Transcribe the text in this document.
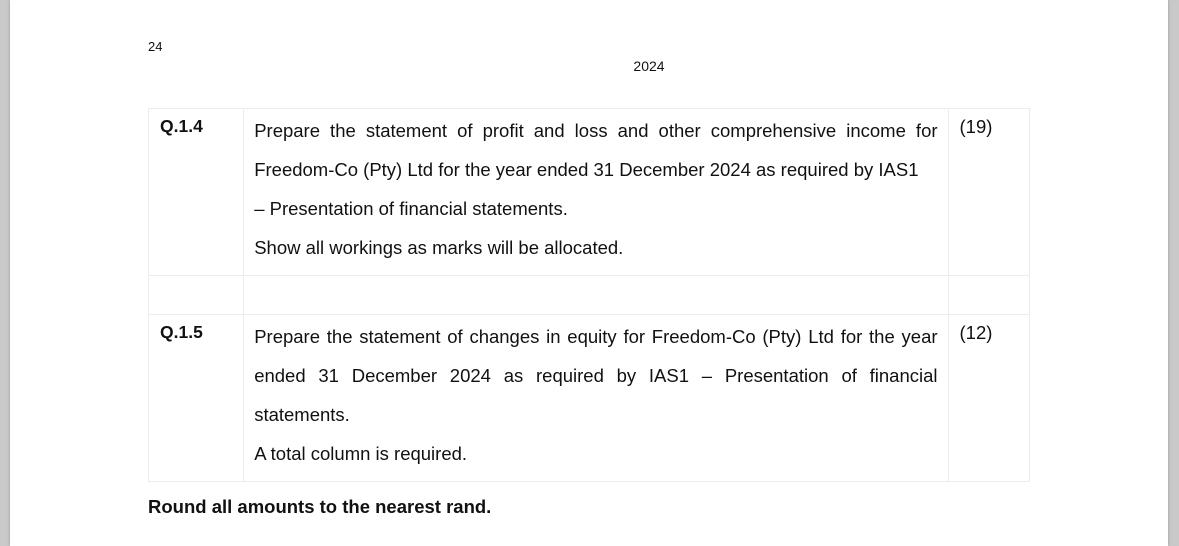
24
2024
Q.1.4	Prepare the statement of profit and loss and other comprehensive income for

Freedom-Co (Pty) Ltd for the year ended 31 December 2024 as required by IAS1

– Presentation of financial statements.

Show all workings as marks will be allocated.	(19)

Q.1.5	Prepare the statement of changes in equity for Freedom-Co (Pty) Ltd for the year

ended 31 December 2024 as required by IAS1 – Presentation of financial

statements.

A total column is required.	(12)
Round all amounts to the nearest rand.
